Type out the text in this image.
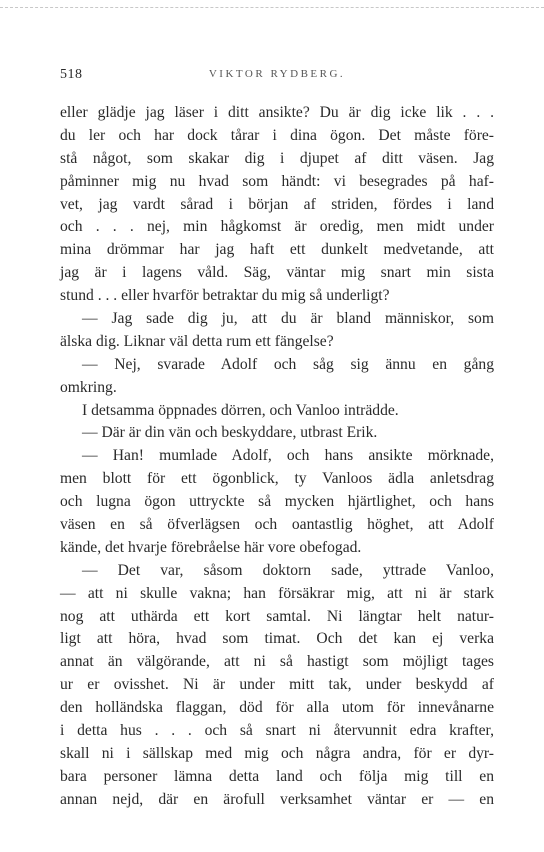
518	VIKTOR RYDBERG.
eller glädje jag läser i ditt ansikte? Du är dig icke lik . . .
du ler och har dock tårar i dina ögon. Det måste före-
stå något, som skakar dig i djupet af ditt väsen. Jag
påminner mig nu hvad som händt: vi besegrades på haf-
vet, jag vardt sårad i början af striden, fördes i land
och . . . nej, min hågkomst är oredig, men midt under
mina drömmar har jag haft ett dunkelt medvetande, att
jag är i lagens våld. Säg, väntar mig snart min sista
stund . . . eller hvarför betraktar du mig så underligt?
— Jag sade dig ju, att du är bland människor, som
älska dig. Liknar väl detta rum ett fängelse?
— Nej, svarade Adolf och såg sig ännu en gång
omkring.
I detsamma öppnades dörren, och Vanloo inträdde.
— Där är din vän och beskyddare, utbrast Erik.
— Han! mumlade Adolf, och hans ansikte mörknade,
men blott för ett ögonblick, ty Vanloos ädla anletsdrag
och lugna ögon uttryckte så mycken hjärtlighet, och hans
väsen en så öfverlägsen och oantastlig höghet, att Adolf
kände, det hvarje förebråelse här vore obefogad.
— Det var, såsom doktorn sade, yttrade Vanloo,
— att ni skulle vakna; han försäkrar mig, att ni är stark
nog att uthärda ett kort samtal. Ni längtar helt natur-
ligt att höra, hvad som timat. Och det kan ej verka
annat än välgörande, att ni så hastigt som möjligt tages
ur er ovisshet. Ni är under mitt tak, under beskydd af
den holländska flaggan, död för alla utom för innevånarne
i detta hus . . . och så snart ni återvunnit edra krafter,
skall ni i sällskap med mig och några andra, för er dyr-
bara personer lämna detta land och följa mig till en
annan nejd, där en ärofull verksamhet väntar er — en
